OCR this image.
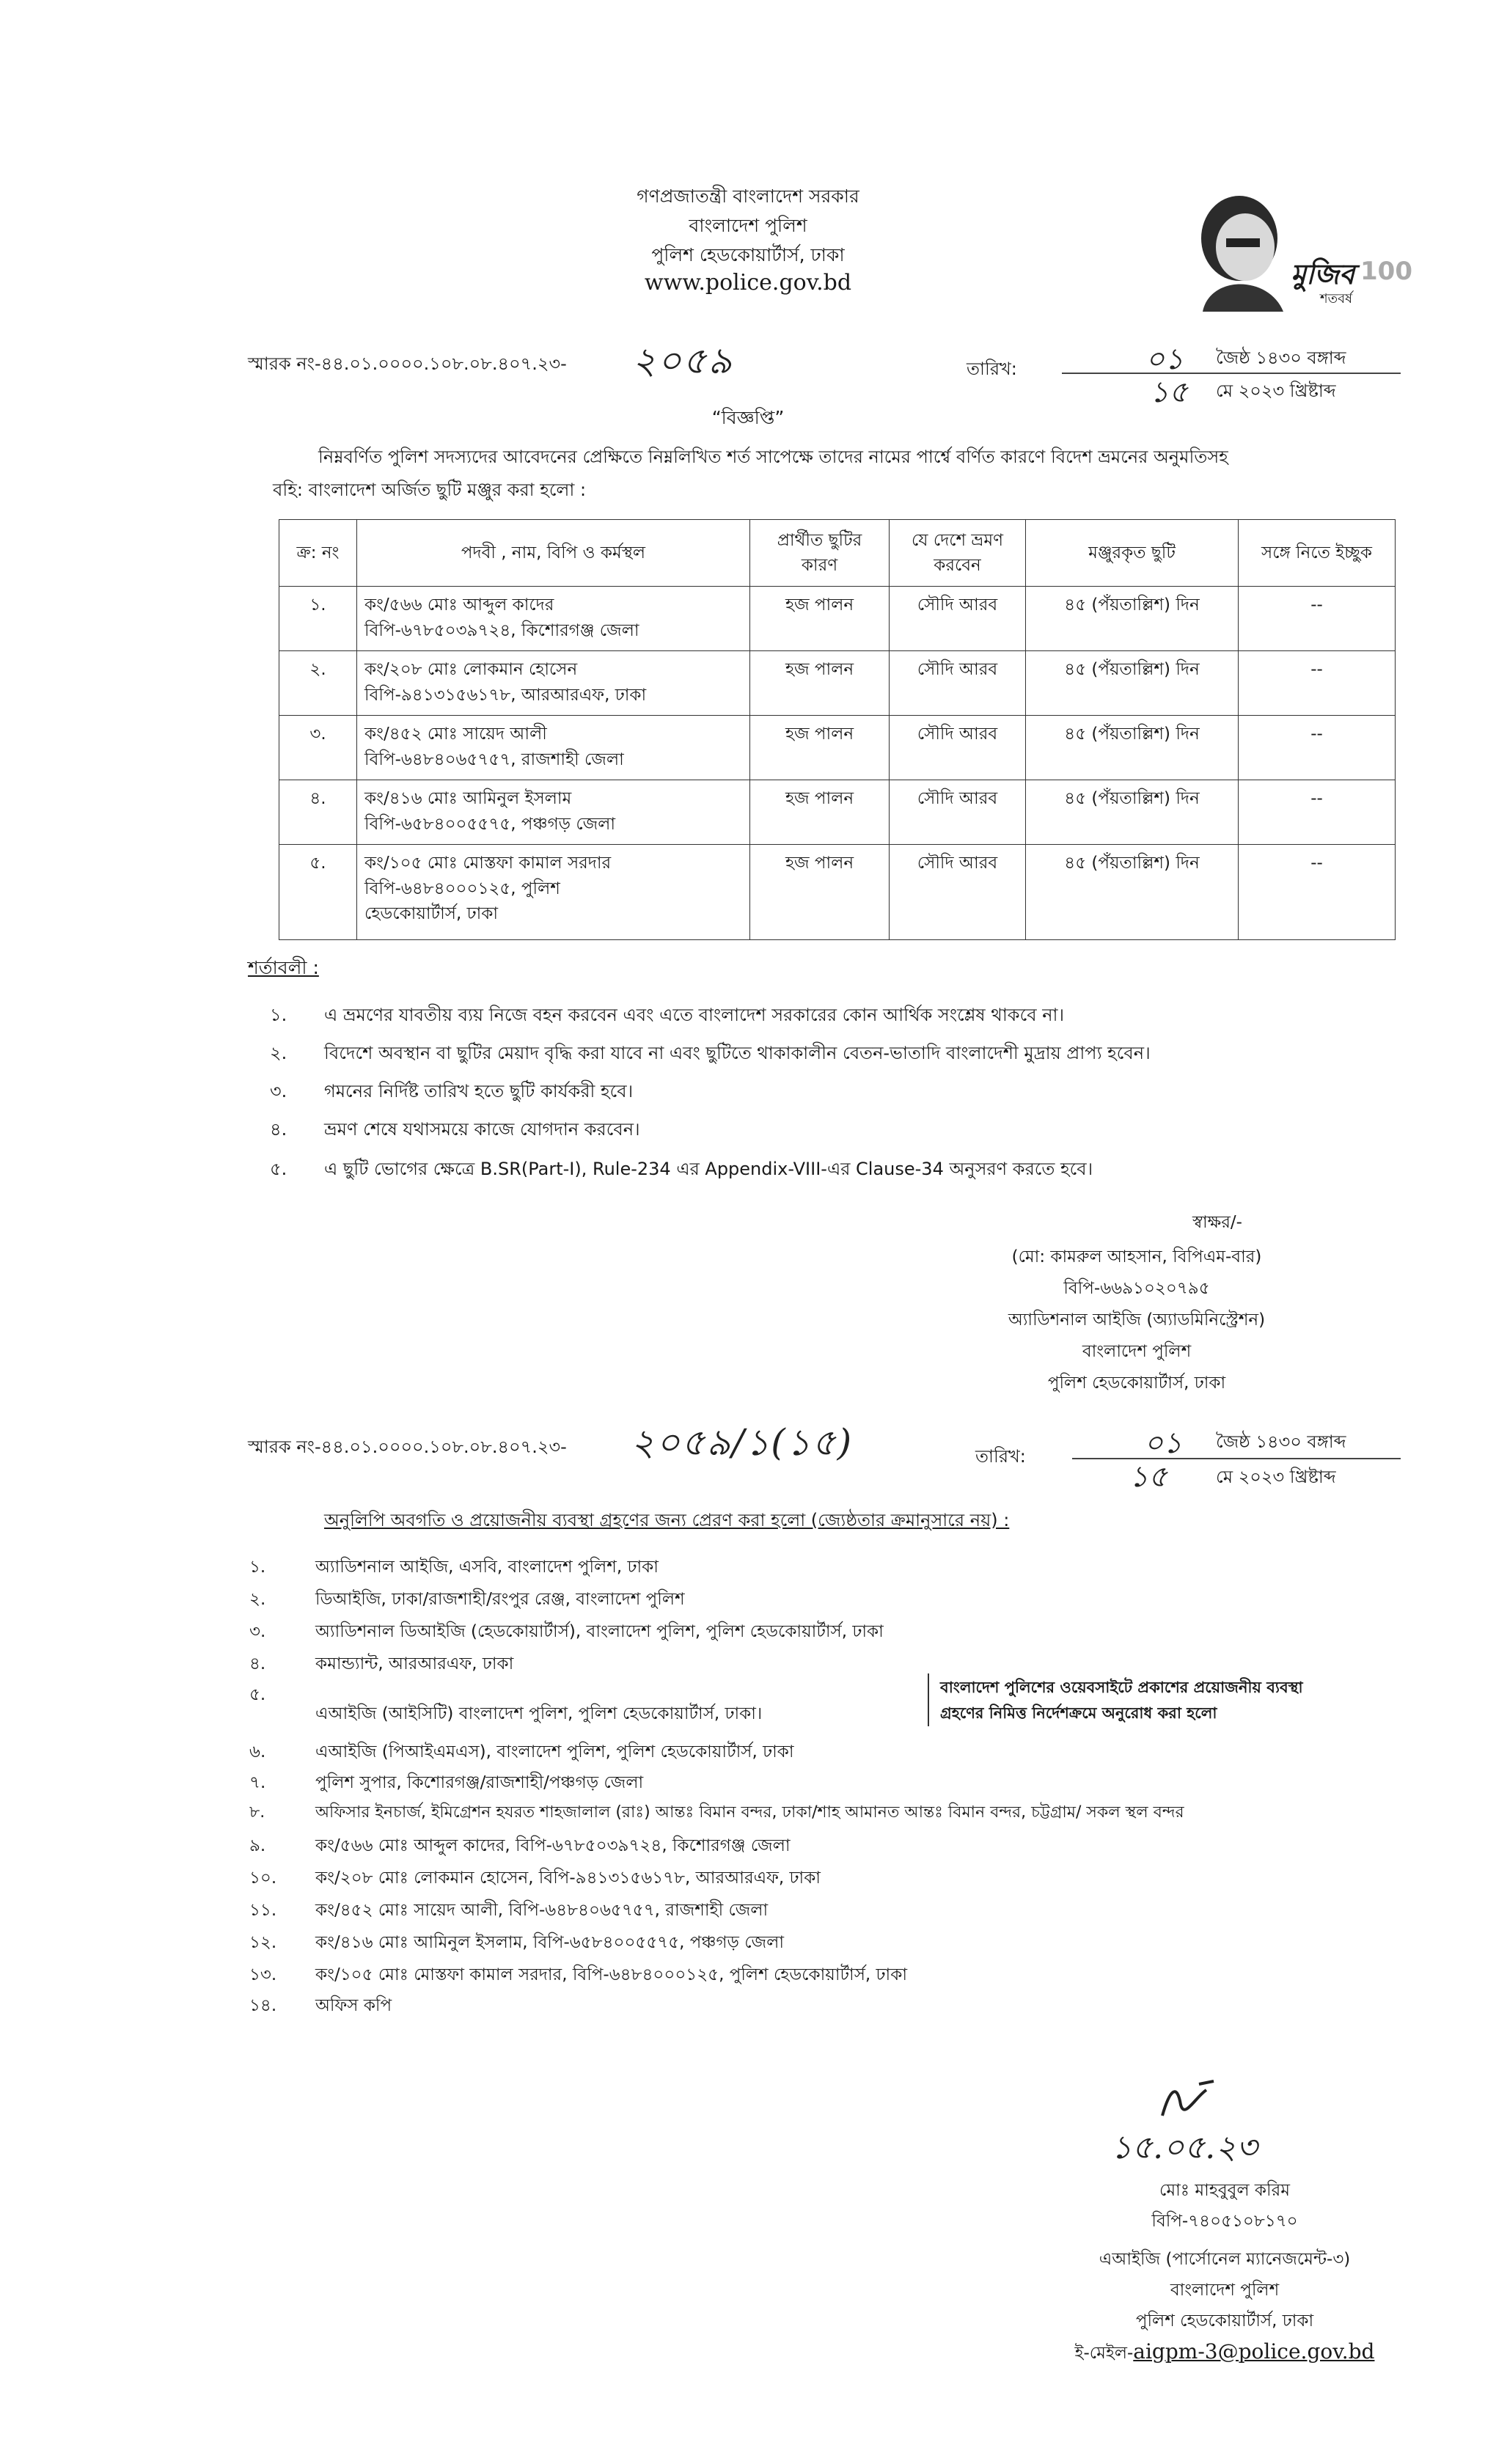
গণপ্রজাতন্ত্রী বাংলাদেশ সরকার
বাংলাদেশ পুলিশ
পুলিশ হেডকোয়ার্টার্স, ঢাকা
www.police.gov.bd	মুজিব
শতবর্ষ
100
স্মারক নং-৪৪.০১.০০০০.১০৮.০৮.৪০৭.২৩- ২০৫৯	তারিখ:	০১ জৈষ্ঠ ১৪৩০ বঙ্গাব্দ
১৫ মে ২০২৩ খ্রিষ্টাব্দ
“বিজ্ঞপ্তি”
নিম্নবর্ণিত পুলিশ সদস্যদের আবেদনের প্রেক্ষিতে নিম্নলিখিত শর্ত সাপেক্ষে তাদের নামের পার্শ্বে বর্ণিত কারণে বিদেশ ভ্রমনের অনুমতিসহ
বহি: বাংলাদেশ অর্জিত ছুটি মঞ্জুর করা হলো :
ক্র: নং	পদবী , নাম, বিপি ও কর্মস্থল	প্রার্থীত ছুটির কারণ	যে দেশে ভ্রমণ করবেন	মঞ্জুরকৃত ছুটি	সঙ্গে নিতে ইচ্ছুক
১.	কং/৫৬৬ মোঃ আব্দুল কাদের
বিপি-৬৭৮৫০৩৯৭২৪, কিশোরগঞ্জ জেলা	হজ পালন	সৌদি আরব	৪৫ (পঁয়তাল্লিশ) দিন	--
২.	কং/২০৮ মোঃ লোকমান হোসেন
বিপি-৯৪১৩১৫৬১৭৮, আরআরএফ, ঢাকা	হজ পালন	সৌদি আরব	৪৫ (পঁয়তাল্লিশ) দিন	--
৩.	কং/৪৫২ মোঃ সায়েদ আলী
বিপি-৬৪৮৪০৬৫৭৫৭, রাজশাহী জেলা	হজ পালন	সৌদি আরব	৪৫ (পঁয়তাল্লিশ) দিন	--
৪.	কং/৪১৬ মোঃ আমিনুল ইসলাম
বিপি-৬৫৮৪০০৫৫৭৫, পঞ্চগড় জেলা	হজ পালন	সৌদি আরব	৪৫ (পঁয়তাল্লিশ) দিন	--
৫.	কং/১০৫ মোঃ মোস্তফা কামাল সরদার
বিপি-৬৪৮৪০০০১২৫, পুলিশ
হেডকোয়ার্টার্স, ঢাকা	হজ পালন	সৌদি আরব	৪৫ (পঁয়তাল্লিশ) দিন	--
শর্তাবলী :
১. এ ভ্রমণের যাবতীয় ব্যয় নিজে বহন করবেন এবং এতে বাংলাদেশ সরকারের কোন আর্থিক সংশ্লেষ থাকবে না।
২. বিদেশে অবস্থান বা ছুটির মেয়াদ বৃদ্ধি করা যাবে না এবং ছুটিতে থাকাকালীন বেতন-ভাতাদি বাংলাদেশী মুদ্রায় প্রাপ্য হবেন।
৩. গমনের নির্দিষ্ট তারিখ হতে ছুটি কার্যকরী হবে।
৪. ভ্রমণ শেষে যথাসময়ে কাজে যোগদান করবেন।
৫. এ ছুটি ভোগের ক্ষেত্রে B.SR(Part-I), Rule-234 এর Appendix-VIII-এর Clause-34 অনুসরণ করতে হবে।
স্বাক্ষর/-
(মো: কামরুল আহসান, বিপিএম-বার)
বিপি-৬৬৯১০২০৭৯৫
অ্যাডিশনাল আইজি (অ্যাডমিনিস্ট্রেশন)
বাংলাদেশ পুলিশ
পুলিশ হেডকোয়ার্টার্স, ঢাকা
স্মারক নং-৪৪.০১.০০০০.১০৮.০৮.৪০৭.২৩- ২০৫৯/১(১৫)	তারিখ:	০১ জৈষ্ঠ ১৪৩০ বঙ্গাব্দ
১৫	মে ২০২৩ খ্রিষ্টাব্দ
অনুলিপি অবগতি ও প্রয়োজনীয় ব্যবস্থা গ্রহণের জন্য প্রেরণ করা হলো (জ্যেষ্ঠতার ক্রমানুসারে নয়) :
১.	অ্যাডিশনাল আইজি, এসবি, বাংলাদেশ পুলিশ, ঢাকা
২.	ডিআইজি, ঢাকা/রাজশাহী/রংপুর রেঞ্জ, বাংলাদেশ পুলিশ
৩.	অ্যাডিশনাল ডিআইজি (হেডকোয়ার্টার্স), বাংলাদেশ পুলিশ, পুলিশ হেডকোয়ার্টার্স, ঢাকা
৪.	কমান্ড্যান্ট, আরআরএফ, ঢাকা
৫.
এআইজি (আইসিটি) বাংলাদেশ পুলিশ, পুলিশ হেডকোয়ার্টার্স, ঢাকা।
বাংলাদেশ পুলিশের ওয়েবসাইটে প্রকাশের প্রয়োজনীয় ব্যবস্থা
গ্রহণের নিমিত্ত নির্দেশক্রমে অনুরোধ করা হলো
৬.	এআইজি (পিআইএমএস), বাংলাদেশ পুলিশ, পুলিশ হেডকোয়ার্টার্স, ঢাকা
৭.	পুলিশ সুপার, কিশোরগঞ্জ/রাজশাহী/পঞ্চগড় জেলা
৮.	অফিসার ইনচার্জ, ইমিগ্রেশন হযরত শাহজালাল (রাঃ) আন্তঃ বিমান বন্দর, ঢাকা/শাহ আমানত আন্তঃ বিমান বন্দর, চট্টগ্রাম/ সকল স্থল বন্দর
৯.	কং/৫৬৬ মোঃ আব্দুল কাদের, বিপি-৬৭৮৫০৩৯৭২৪, কিশোরগঞ্জ জেলা
১০. কং/২০৮ মোঃ লোকমান হোসেন, বিপি-৯৪১৩১৫৬১৭৮, আরআরএফ, ঢাকা
১১. কং/৪৫২ মোঃ সায়েদ আলী, বিপি-৬৪৮৪০৬৫৭৫৭, রাজশাহী জেলা
১২. কং/৪১৬ মোঃ আমিনুল ইসলাম, বিপি-৬৫৮৪০০৫৫৭৫, পঞ্চগড় জেলা
১৩. কং/১০৫ মোঃ মোস্তফা কামাল সরদার, বিপি-৬৪৮৪০০০১২৫, পুলিশ হেডকোয়ার্টার্স, ঢাকা
১৪. অফিস কপি
১৫.০৫.২৩
মোঃ মাহবুবুল করিম
বিপি-৭৪০৫১০৮১৭০
এআইজি (পার্সোনেল ম্যানেজমেন্ট-৩)
বাংলাদেশ পুলিশ
পুলিশ হেডকোয়ার্টার্স, ঢাকা
ই-মেইল-aigpm-3@police.gov.bd
